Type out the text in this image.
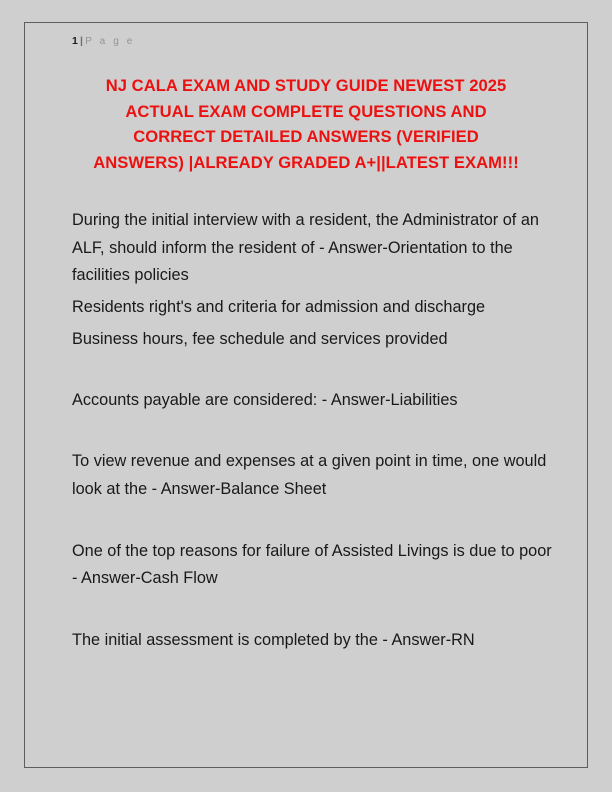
1 | P a g e
NJ CALA EXAM AND STUDY GUIDE NEWEST 2025
ACTUAL EXAM COMPLETE QUESTIONS AND
CORRECT DETAILED ANSWERS (VERIFIED
ANSWERS) |ALREADY GRADED A+||LATEST EXAM!!!

During the initial interview with a resident, the Administrator of an ALF, should inform the resident of - Answer-Orientation to the facilities policies

Residents right's and criteria for admission and discharge

Business hours, fee schedule and services provided

Accounts payable are considered: - Answer-Liabilities

To view revenue and expenses at a given point in time, one would look at the - Answer-Balance Sheet

One of the top reasons for failure of Assisted Livings is due to poor - Answer-Cash Flow

The initial assessment is completed by the - Answer-RN
